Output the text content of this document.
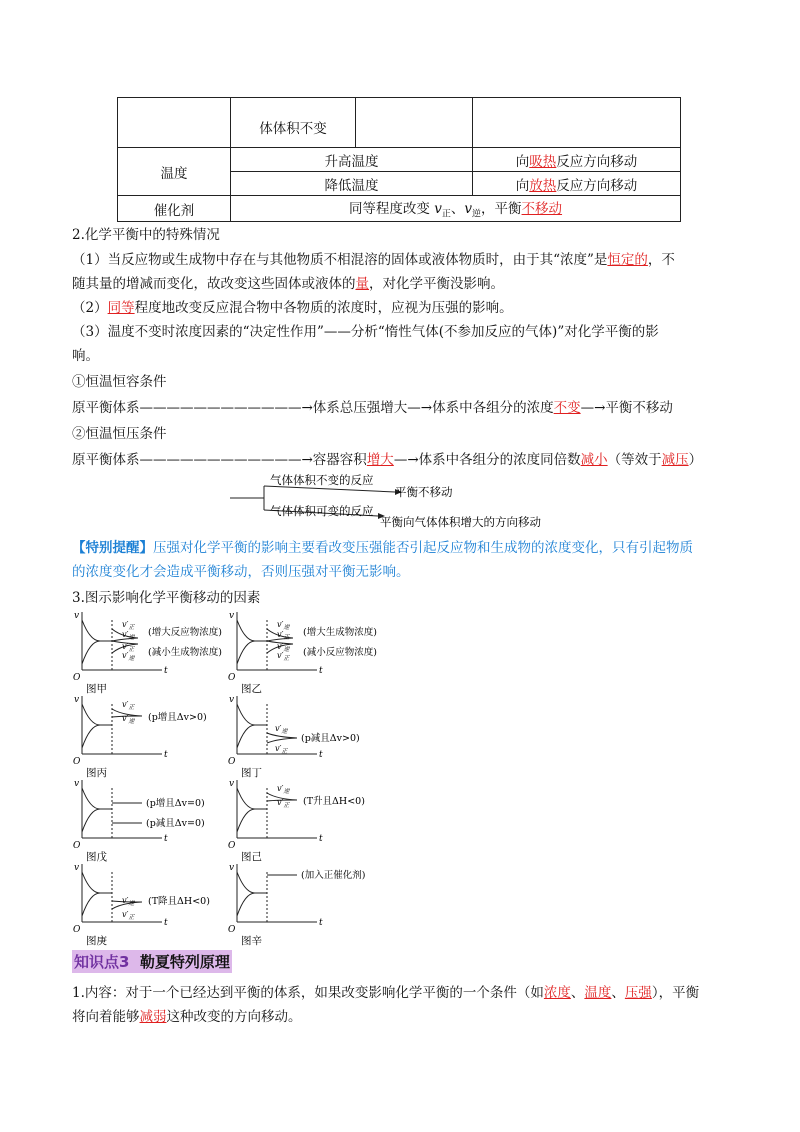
	体体积不变		
温度	升高温度		向吸热反应方向移动
	降低温度		向放热反应方向移动
催化剂	同等程度改变 $v_正$、$v_逆$，平衡不移动		
2.化学平衡中的特殊情况
（1）当反应物或生成物中存在与其他物质不相混溶的固体或液体物质时，由于其“浓度”是恒定的，不
随其量的增减而变化，故改变这些固体或液体的量，对化学平衡没影响。
（2）同等程度地改变反应混合物中各物质的浓度时，应视为压强的影响。
（3）温度不变时浓度因素的“决定性作用”——分析“惰性气体(不参加反应的气体)”对化学平衡的影
响。
①恒温恒容条件
原平衡体系————————————→体系总压强增大—→体系中各组分的浓度不变—→平衡不移动
②恒温恒压条件
原平衡体系————————————→容器容积增大—→体系中各组分的浓度同倍数减小（等效于减压）
气体体积不变的反应
平衡不移动
气体体积可变的反应
平衡向气体体积增大的方向移动
【特别提醒】压强对化学平衡的影响主要看改变压强能否引起反应物和生成物的浓度变化，只有引起物质
的浓度变化才会造成平衡移动，否则压强对平衡无影响。
3.图示影响化学平衡移动的因素
v
t
O
$v'_正$
$v'_逆$
$v'_正$
$v'_逆$
(增大反应物浓度)
(减小生成物浓度)
图甲
v
t
O
$v'_正$
$v'_逆$ (p增且Δv>0)
图丙
v
t
O
(p增且Δv=0)
(p减且Δv=0)
图戊
v
t
O
$v'_正$
$v'_逆$ (T降且ΔH<0)
图庚
v
t
O
$v'_逆$
$v'_正$
$v'_逆$
$v'_正$
(增大生成物浓度)
(减小反应物浓度)
图乙
v
t
O
$v'_逆$
$v'_正$
(p减且Δv>0)
图丁
v
t
O
$v'_逆$
$v'_正$ (T升且ΔH<0)
图己
v
t
O
(加入正催化剂)
图辛
知识点3 勒夏特列原理
1.内容：对于一个已经达到平衡的体系，如果改变影响化学平衡的一个条件（如浓度、温度、压强），平衡
将向着能够减弱这种改变的方向移动。
